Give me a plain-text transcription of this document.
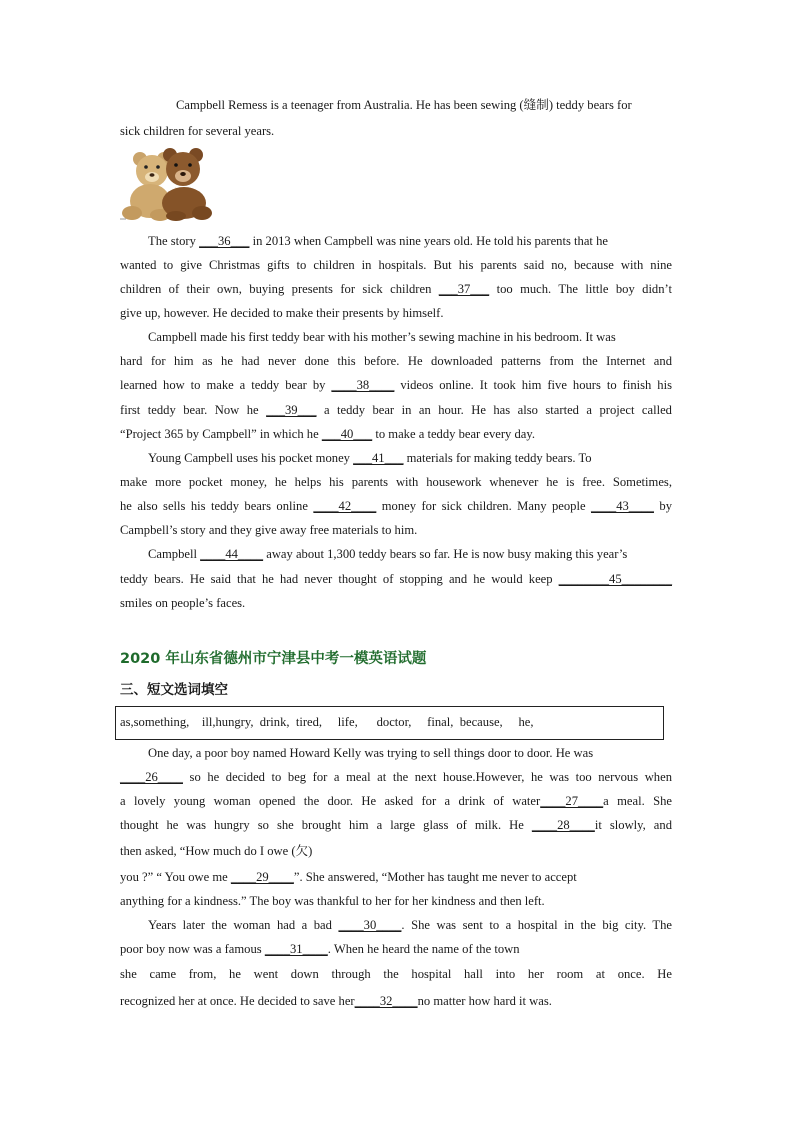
Campbell Remess is a teenager from Australia. He has been sewing (缝制) teddy bears for
sick children for several years.
The story ___36___ in 2013 when Campbell was nine years old. He told his parents that he
wanted to give Christmas gifts to children in hospitals. But his parents said no, because with nine
children of their own, buying presents for sick children ___37___ too much. The little boy didn’t
give up, however. He decided to make their presents by himself.
Campbell made his first teddy bear with his mother’s sewing machine in his bedroom. It was
hard for him as he had never done this before. He downloaded patterns from the Internet and
learned how to make a teddy bear by ____38____ videos online. It took him five hours to finish his
first teddy bear. Now he ___39___ a teddy bear in an hour. He has also started a project called
“Project 365 by Campbell” in which he ___40___ to make a teddy bear every day.
Young Campbell uses his pocket money ___41___ materials for making teddy bears. To
make more pocket money, he helps his parents with housework whenever he is free. Sometimes,
he also sells his teddy bears online ____42____ money for sick children. Many people ____43____ by
Campbell’s story and they give away free materials to him.
Campbell ____44____ away about 1,300 teddy bears so far. He is now busy making this year’s
teddy bears. He said that he had never thought of stopping and he would keep ________45________
smiles on people’s faces.
2020 年山东省德州市宁津县中考一模英语试题
三、短文选词填空
as,something,    ill,hungry,  drink,  tired,     life,      doctor,     final,  because,     he,
One day, a poor boy named Howard Kelly was trying to sell things door to door. He was
____26____ so he decided to beg for a meal at the next house.However, he was too nervous when
a lovely young woman opened the door. He asked for a drink of water____27____a meal. She
thought he was hungry so she brought him a large glass of milk. He ____28____it slowly, and
then asked, “How much do I owe (欠)
you ?” “ You owe me ____29____”. She answered, “Mother has taught me never to accept
anything for a kindness.” The boy was thankful to her for her kindness and then left.
Years later the woman had a bad ____30____. She was sent to a hospital in the big city. The
poor boy now was a famous ____31____. When he heard the name of the town
she came from, he went down through the hospital hall into her room at once. He
recognized her at once. He decided to save her____32____no matter how hard it was.
